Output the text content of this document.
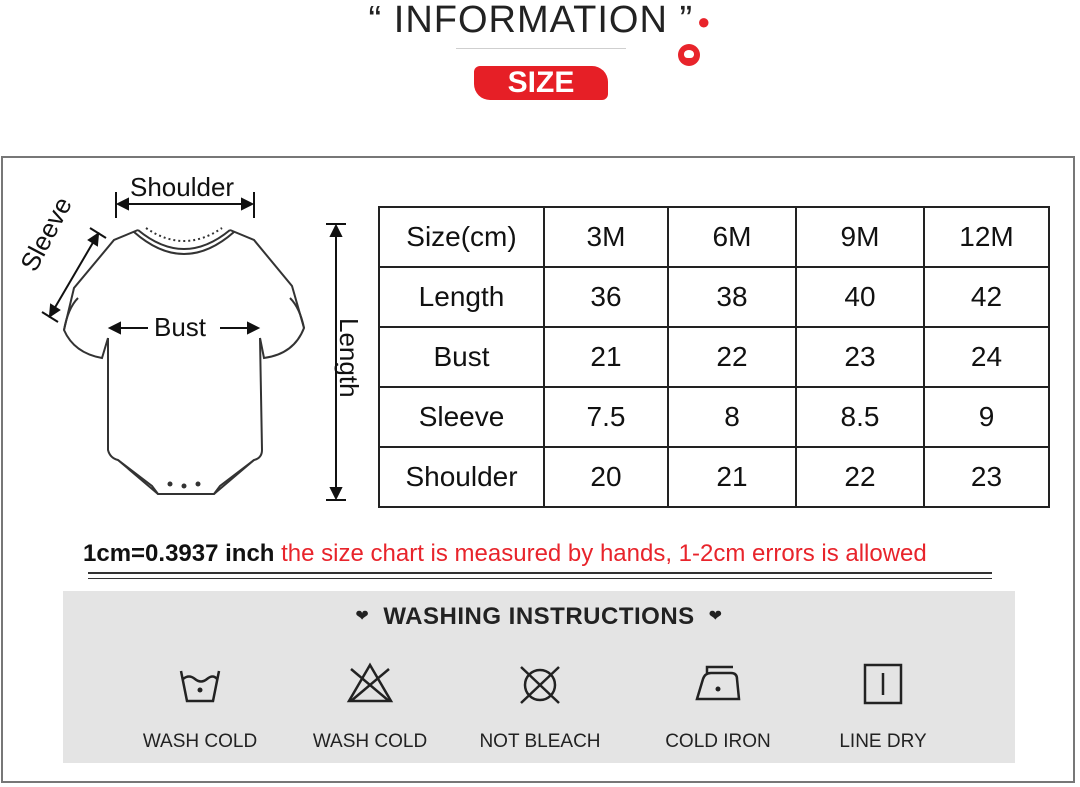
“ INFORMATION ” ●
SIZE
Shoulder
Sleeve
Bust	Length
Size(cm)	3M	6M	9M	12M
Length	36	38	40	42
Bust	21	22	23	24
Sleeve	7.5	8	8.5	9
Shoulder	20	21	22	23
1cm=0.3937 inch the size chart is measured by hands, 1-2cm errors is allowed
❤ WASHING INSTRUCTIONS ❤
WASH COLD	WASH COLD	NOT BLEACH	COLD IRON	LINE DRY
